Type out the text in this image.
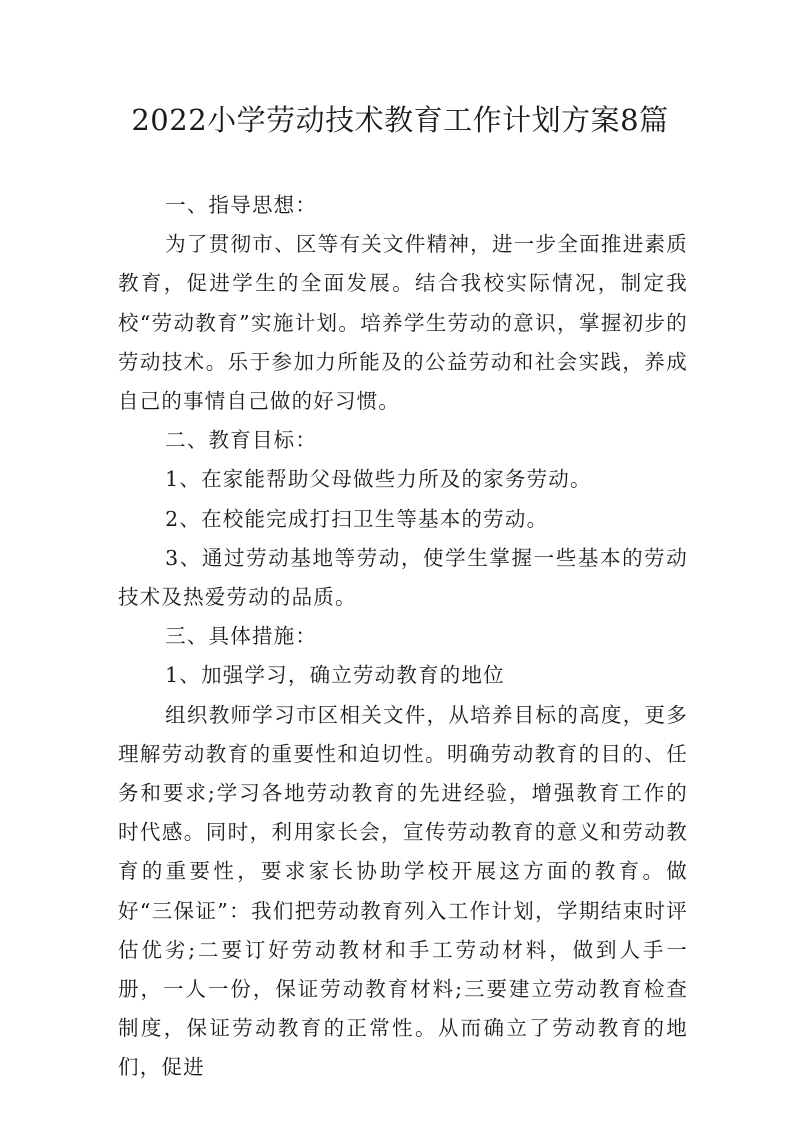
2022小学劳动技术教育工作计划方案8篇

一、指导思想：

为了贯彻市、区等有关文件精神，进一步全面推进素质教育，促进学生的全面发展。结合我校实际情况，制定我校“劳动教育”实施计划。培养学生劳动的意识，掌握初步的劳动技术。乐于参加力所能及的公益劳动和社会实践，养成自己的事情自己做的好习惯。

二、教育目标：

1、在家能帮助父母做些力所及的家务劳动。

2、在校能完成打扫卫生等基本的劳动。

3、通过劳动基地等劳动，使学生掌握一些基本的劳动技术及热爱劳动的品质。

三、具体措施：

1、加强学习，确立劳动教育的地位

组织教师学习市区相关文件，从培养目标的高度，更多理解劳动教育的重要性和迫切性。明确劳动教育的目的、任务和要求;学习各地劳动教育的先进经验，增强教育工作的时代感。同时，利用家长会，宣传劳动教育的意义和劳动教育的重要性，要求家长协助学校开展这方面的教育。做好“三保证”：我们把劳动教育列入工作计划，学期结束时评估优劣;二要订好劳动教材和手工劳动材料，做到人手一册，一人一份，保证劳动教育材料;三要建立劳动教育检查制度，保证劳动教育的正常性。从而确立了劳动教育的地们，促进
